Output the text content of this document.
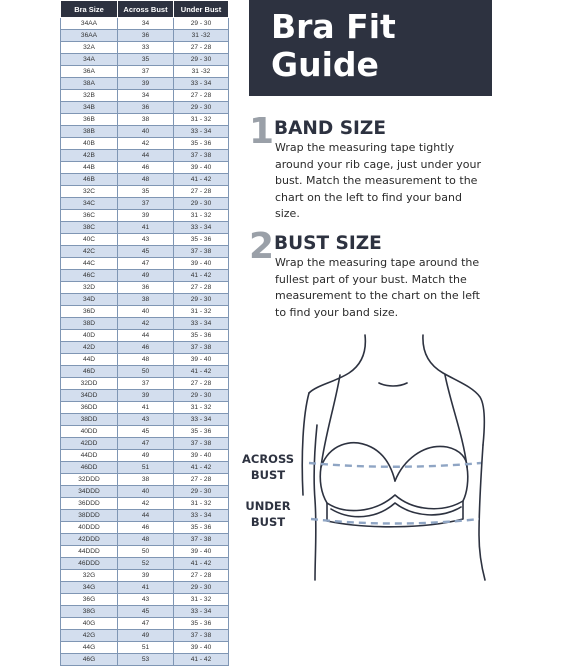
Bra Size	Across Bust	Under Bust
34AA	34	29 - 30
36AA	36	31 -32
32A	33	27 - 28
34A	35	29 - 30
36A	37	31 -32
38A	39	33 - 34
32B	34	27 - 28
34B	36	29 - 30
36B	38	31 - 32
38B	40	33 - 34
40B	42	35 - 36
42B	44	37 - 38
44B	46	39 - 40
46B	48	41 - 42
32C	35	27 - 28
34C	37	29 - 30
36C	39	31 - 32
38C	41	33 - 34
40C	43	35 - 36
42C	45	37 - 38
44C	47	39 - 40
46C	49	41 - 42
32D	36	27 - 28
34D	38	29 - 30
36D	40	31 - 32
38D	42	33 - 34
40D	44	35 - 36
42D	46	37 - 38
44D	48	39 - 40
46D	50	41 - 42
32DD	37	27 - 28
34DD	39	29 - 30
36DD	41	31 - 32
38DD	43	33 - 34
40DD	45	35 - 36
42DD	47	37 - 38
44DD	49	39 - 40
46DD	51	41 - 42
32DDD	38	27 - 28
34DDD	40	29 - 30
36DDD	42	31 - 32
38DDD	44	33 - 34
40DDD	46	35 - 36
42DDD	48	37 - 38
44DDD	50	39 - 40
46DDD	52	41 - 42
32G	39	27 - 28
34G	41	29 - 30
36G	43	31 - 32
38G	45	33 - 34
40G	47	35 - 36
42G	49	37 - 38
44G	51	39 - 40
46G	53	41 - 42
Bra Fit
Guide
1 BAND SIZE
Wrap the measuring tape tightly around your rib cage, just under your bust. Match the measurement to the chart on the left to find your band size.
2 BUST SIZE
Wrap the measuring tape around the fullest part of your bust. Match the measurement to the chart on the left to find your band size.
ACROSS
BUST
UNDER
BUST
